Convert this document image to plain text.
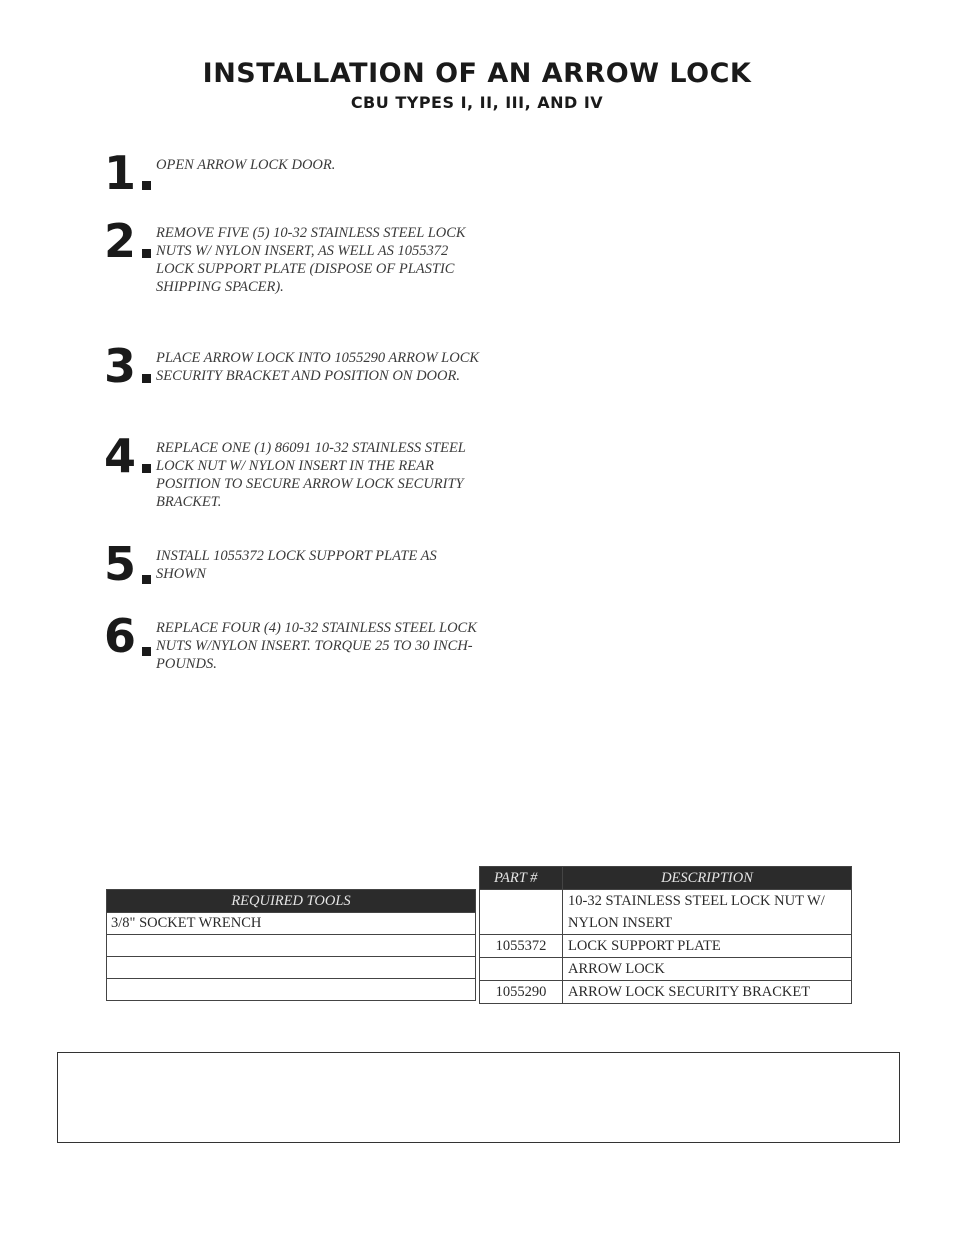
INSTALLATION OF AN ARROW LOCK
CBU TYPES I, II, III, AND IV
1 OPEN ARROW LOCK DOOR.
2 REMOVE FIVE (5) 10-32 STAINLESS STEEL LOCK NUTS W/ NYLON INSERT, AS WELL AS 1055372 LOCK SUPPORT PLATE (DISPOSE OF PLASTIC SHIPPING SPACER).
3 PLACE ARROW LOCK INTO 1055290 ARROW LOCK SECURITY BRACKET AND POSITION ON DOOR.
4 REPLACE ONE (1) 86091 10-32 STAINLESS STEEL LOCK NUT W/ NYLON INSERT IN THE REAR POSITION TO SECURE ARROW LOCK SECURITY BRACKET.
5 INSTALL 1055372 LOCK SUPPORT PLATE AS SHOWN
6 REPLACE FOUR (4) 10-32 STAINLESS STEEL LOCK NUTS W/NYLON INSERT. TORQUE 25 TO 30 INCH-POUNDS.
REQUIRED TOOLS
3/8" SOCKET WRENCH

PART #	DESCRIPTION
	10-32 STAINLESS STEEL LOCK NUT W/ NYLON INSERT
1055372	LOCK SUPPORT PLATE
	ARROW LOCK
1055290	ARROW LOCK SECURITY BRACKET
